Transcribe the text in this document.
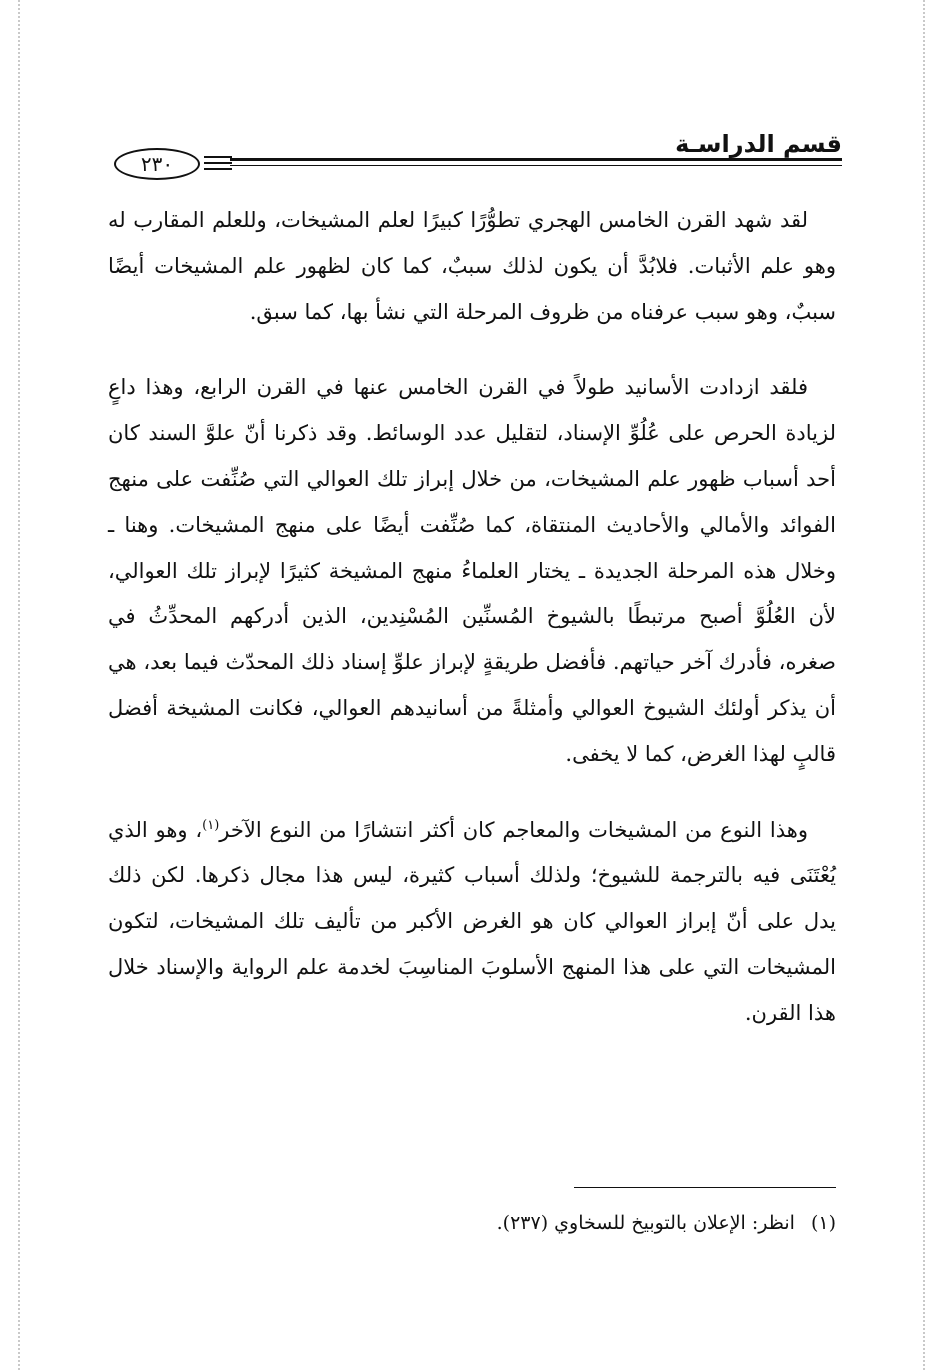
قسم الدراسـة
٢٣٠

لقد شهد القرن الخامس الهجري تطوُّرًا كبيرًا لعلم المشيخات، وللعلم المقارب له وهو علم الأثبات. فلابُدَّ أن يكون لذلك سببٌ، كما كان لظهور علم المشيخات أيضًا سببٌ، وهو سبب عرفناه من ظروف المرحلة التي نشأ بها، كما سبق.

فلقد ازدادت الأسانيد طولاً في القرن الخامس عنها في القرن الرابع، وهذا داعٍ لزيادة الحرص على عُلُوِّ الإسناد، لتقليل عدد الوسائط. وقد ذكرنا أنّ علوَّ السند كان أحد أسباب ظهور علم المشيخات، من خلال إبراز تلك العوالي التي صُنِّفت على منهج الفوائد والأمالي والأحاديث المنتقاة، كما صُنِّفت أيضًا على منهج المشيخات. وهنا ـ وخلال هذه المرحلة الجديدة ـ يختار العلماءُ منهج المشيخة كثيرًا لإبراز تلك العوالي، لأن العُلُوَّ أصبح مرتبطًا بالشيوخ المُسنِّين المُسْنِدين، الذين أدركهم المحدِّثُ في صغره، فأدرك آخر حياتهم. فأفضل طريقةٍ لإبراز علوِّ إسناد ذلك المحدّث فيما بعد، هي أن يذكر أولئك الشيوخ العوالي وأمثلةً من أسانيدهم العوالي، فكانت المشيخة أفضل قالبٍ لهذا الغرض، كما لا يخفى.

وهذا النوع من المشيخات والمعاجم كان أكثر انتشارًا من النوع الآخر$^{(١)}$، وهو الذي يُعْتَنَى فيه بالترجمة للشيوخ؛ ولذلك أسباب كثيرة، ليس هذا مجال ذكرها. لكن ذلك يدل على أنّ إبراز العوالي كان هو الغرض الأكبر من تأليف تلك المشيخات، لتكون المشيخات التي على هذا المنهج الأسلوبَ المناسِبَ لخدمة علم الرواية والإسناد خلال هذا القرن.

(١) انظر: الإعلان بالتوبيخ للسخاوي (٢٣٧).
